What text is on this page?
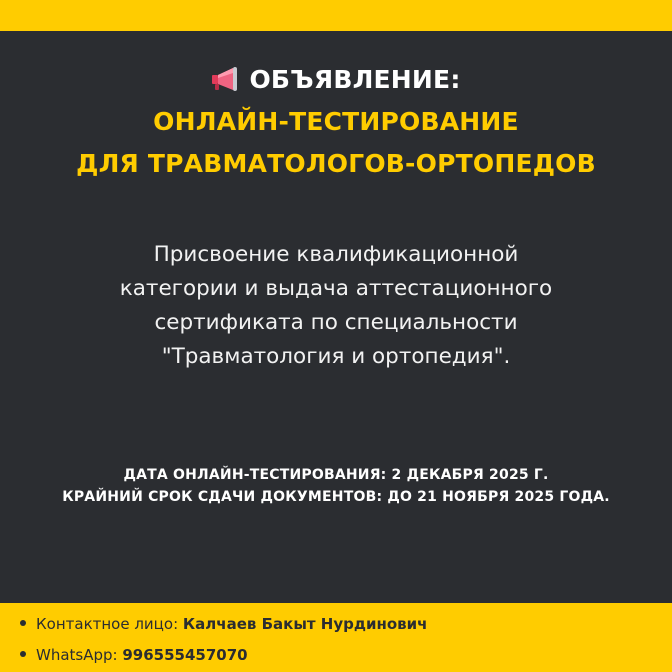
ОБЪЯВЛЕНИЕ:
ОНЛАЙН-ТЕСТИРОВАНИЕ
ДЛЯ ТРАВМАТОЛОГОВ-ОРТОПЕДОВ
Присвоение квалификационной
категории и выдача аттестационного
сертификата по специальности
"Травматология и ортопедия".
ДАТА ОНЛАЙН-ТЕСТИРОВАНИЯ: 2 ДЕКАБРЯ 2025 Г.
КРАЙНИЙ СРОК СДАЧИ ДОКУМЕНТОВ: ДО 21 НОЯБРЯ 2025 ГОДА.
Контактное лицо: Калчаев Бакыт Нурдинович
WhatsApp: 996555457070
